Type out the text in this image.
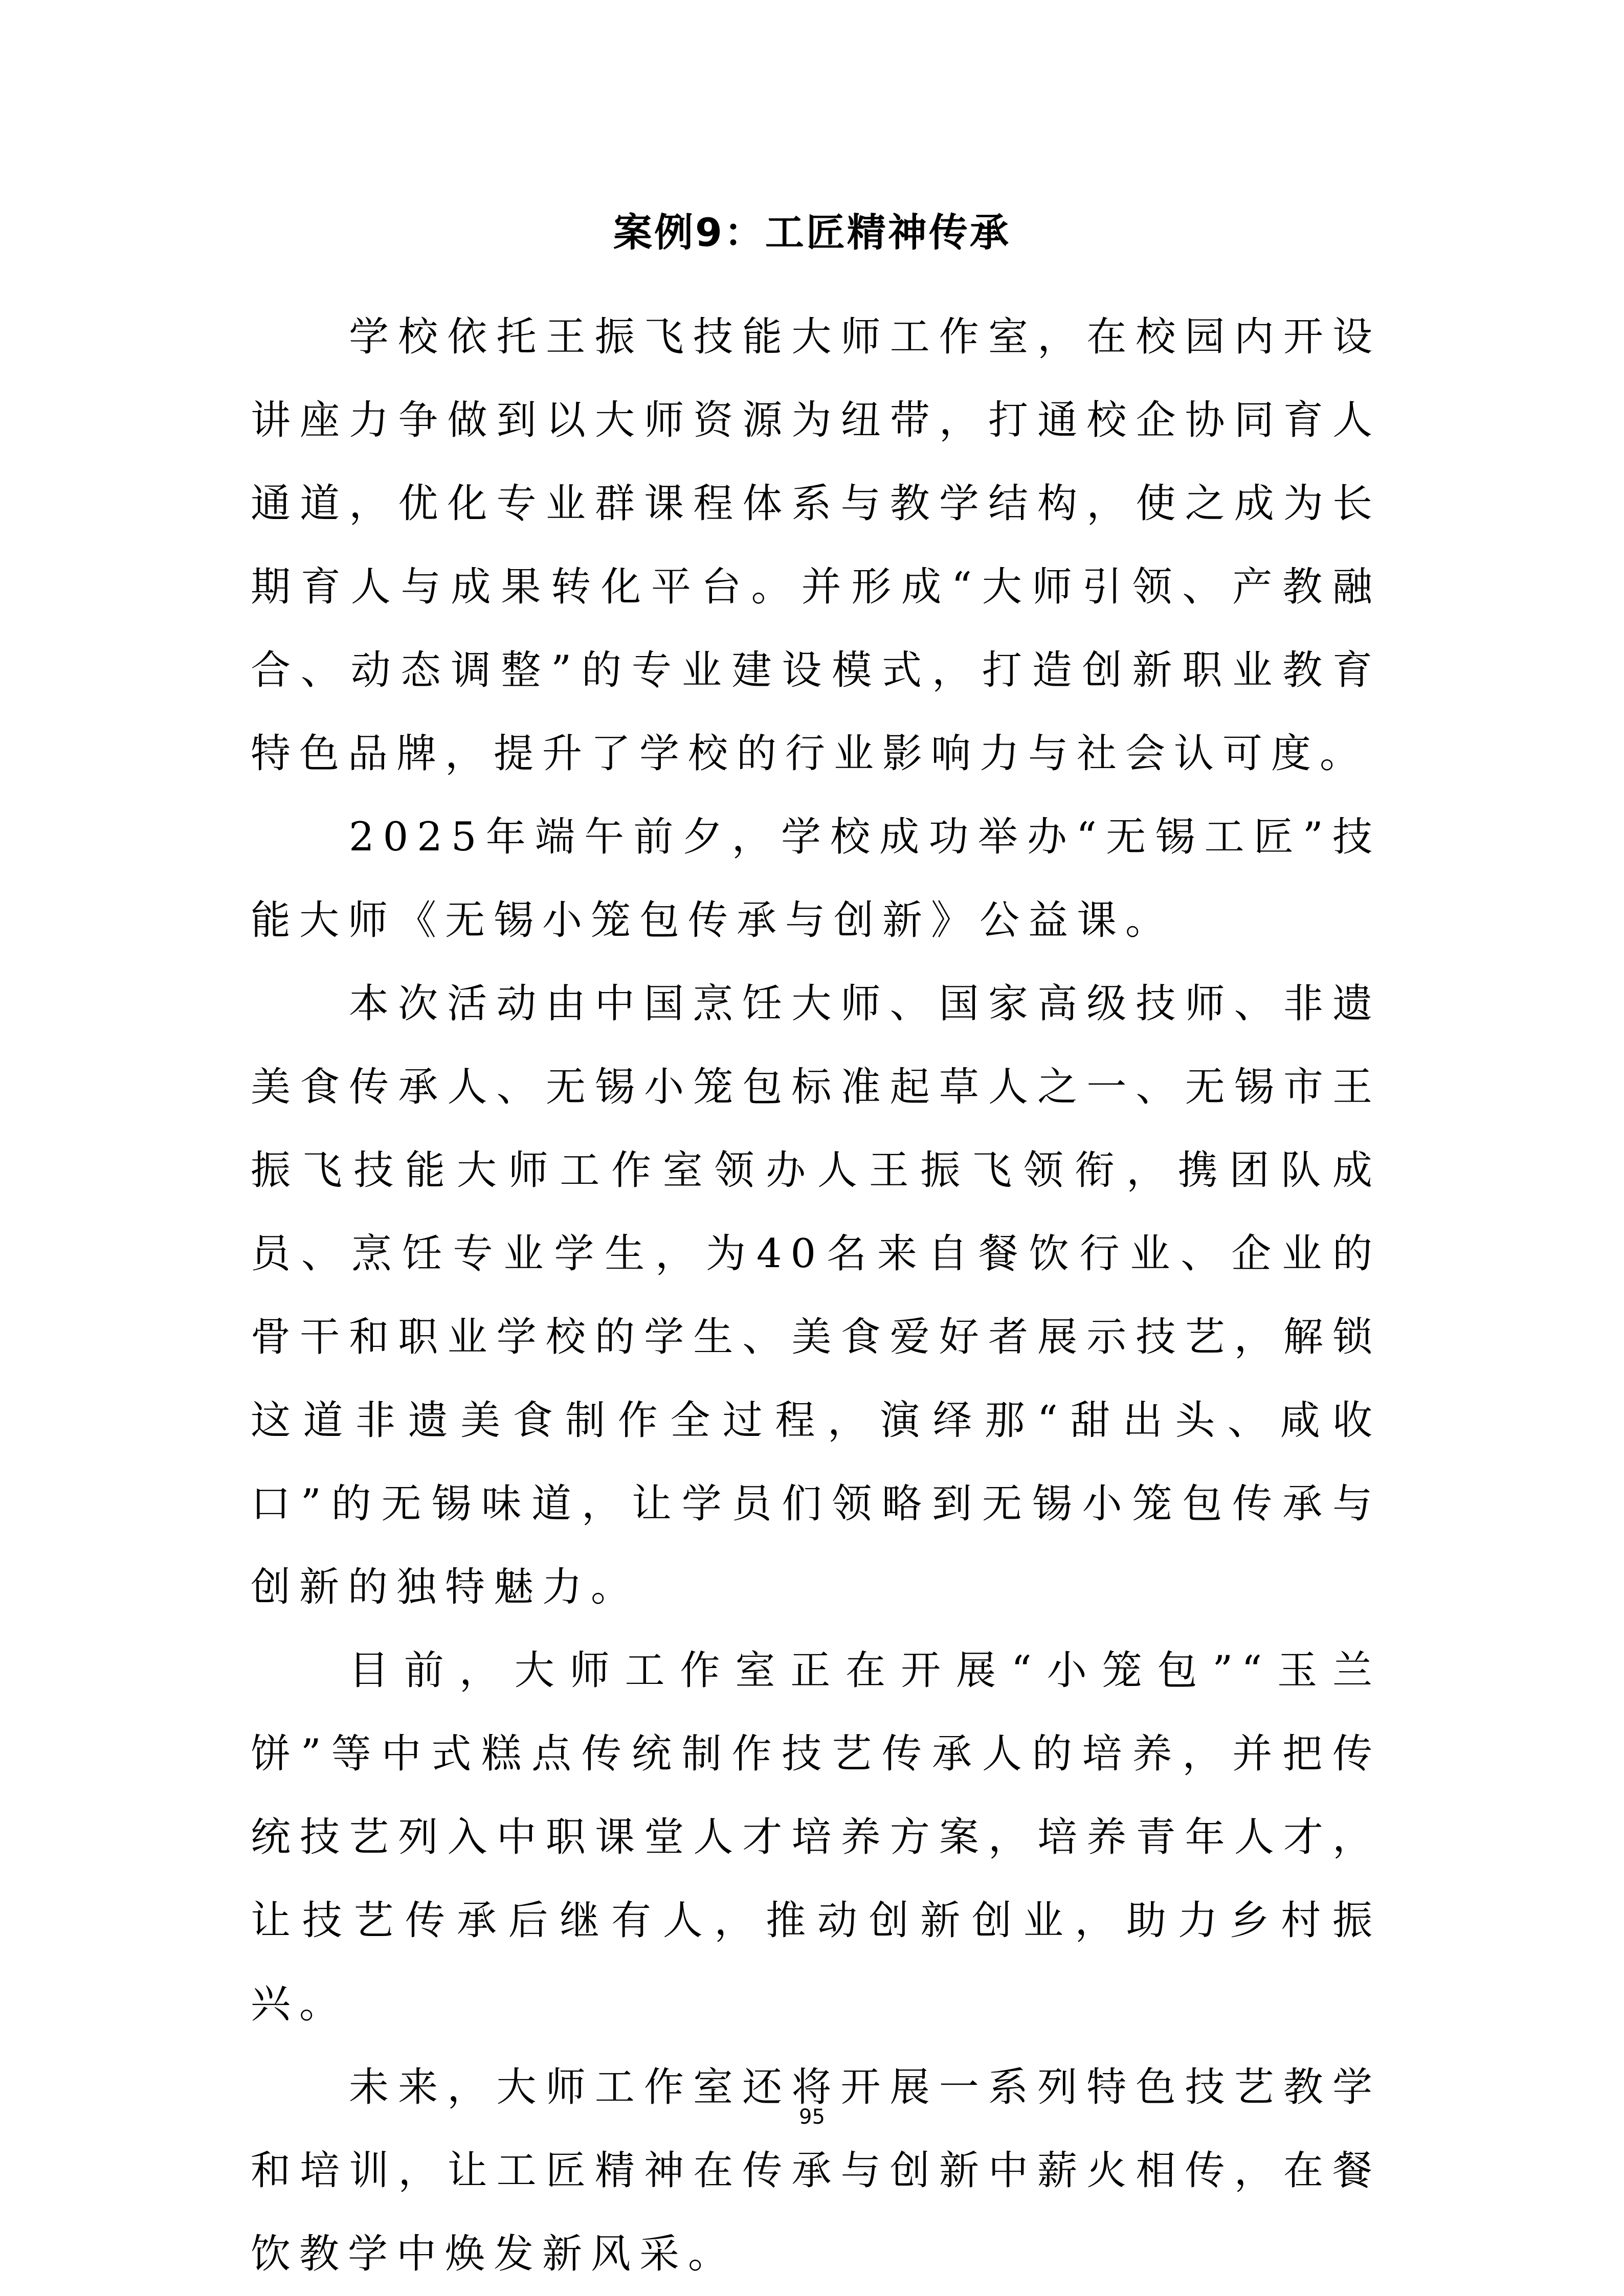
案例9：工匠精神传承

学校依托王振飞技能大师工作室，在校园内开设讲座力争做到以大师资源为纽带，打通校企协同育人通道，优化专业群课程体系与教学结构，使之成为长期育人与成果转化平台。并形成“大师引领、产教融合、动态调整”的专业建设模式，打造创新职业教育特色品牌，提升了学校的行业影响力与社会认可度。

2025年端午前夕，学校成功举办“无锡工匠”技能大师《无锡小笼包传承与创新》公益课。

本次活动由中国烹饪大师、国家高级技师、非遗美食传承人、无锡小笼包标准起草人之一、无锡市王振飞技能大师工作室领办人王振飞领衔，携团队成员、烹饪专业学生，为40名来自餐饮行业、企业的骨干和职业学校的学生、美食爱好者展示技艺，解锁这道非遗美食制作全过程，演绎那“甜出头、咸收口”的无锡味道，让学员们领略到无锡小笼包传承与创新的独特魅力。

目前，大师工作室正在开展“小笼包”“玉兰饼”等中式糕点传统制作技艺传承人的培养，并把传统技艺列入中职课堂人才培养方案，培养青年人才，让技艺传承后继有人，推动创新创业，助力乡村振兴。

未来，大师工作室还将开展一系列特色技艺教学和培训，让工匠精神在传承与创新中薪火相传，在餐饮教学中焕发新风采。

95
